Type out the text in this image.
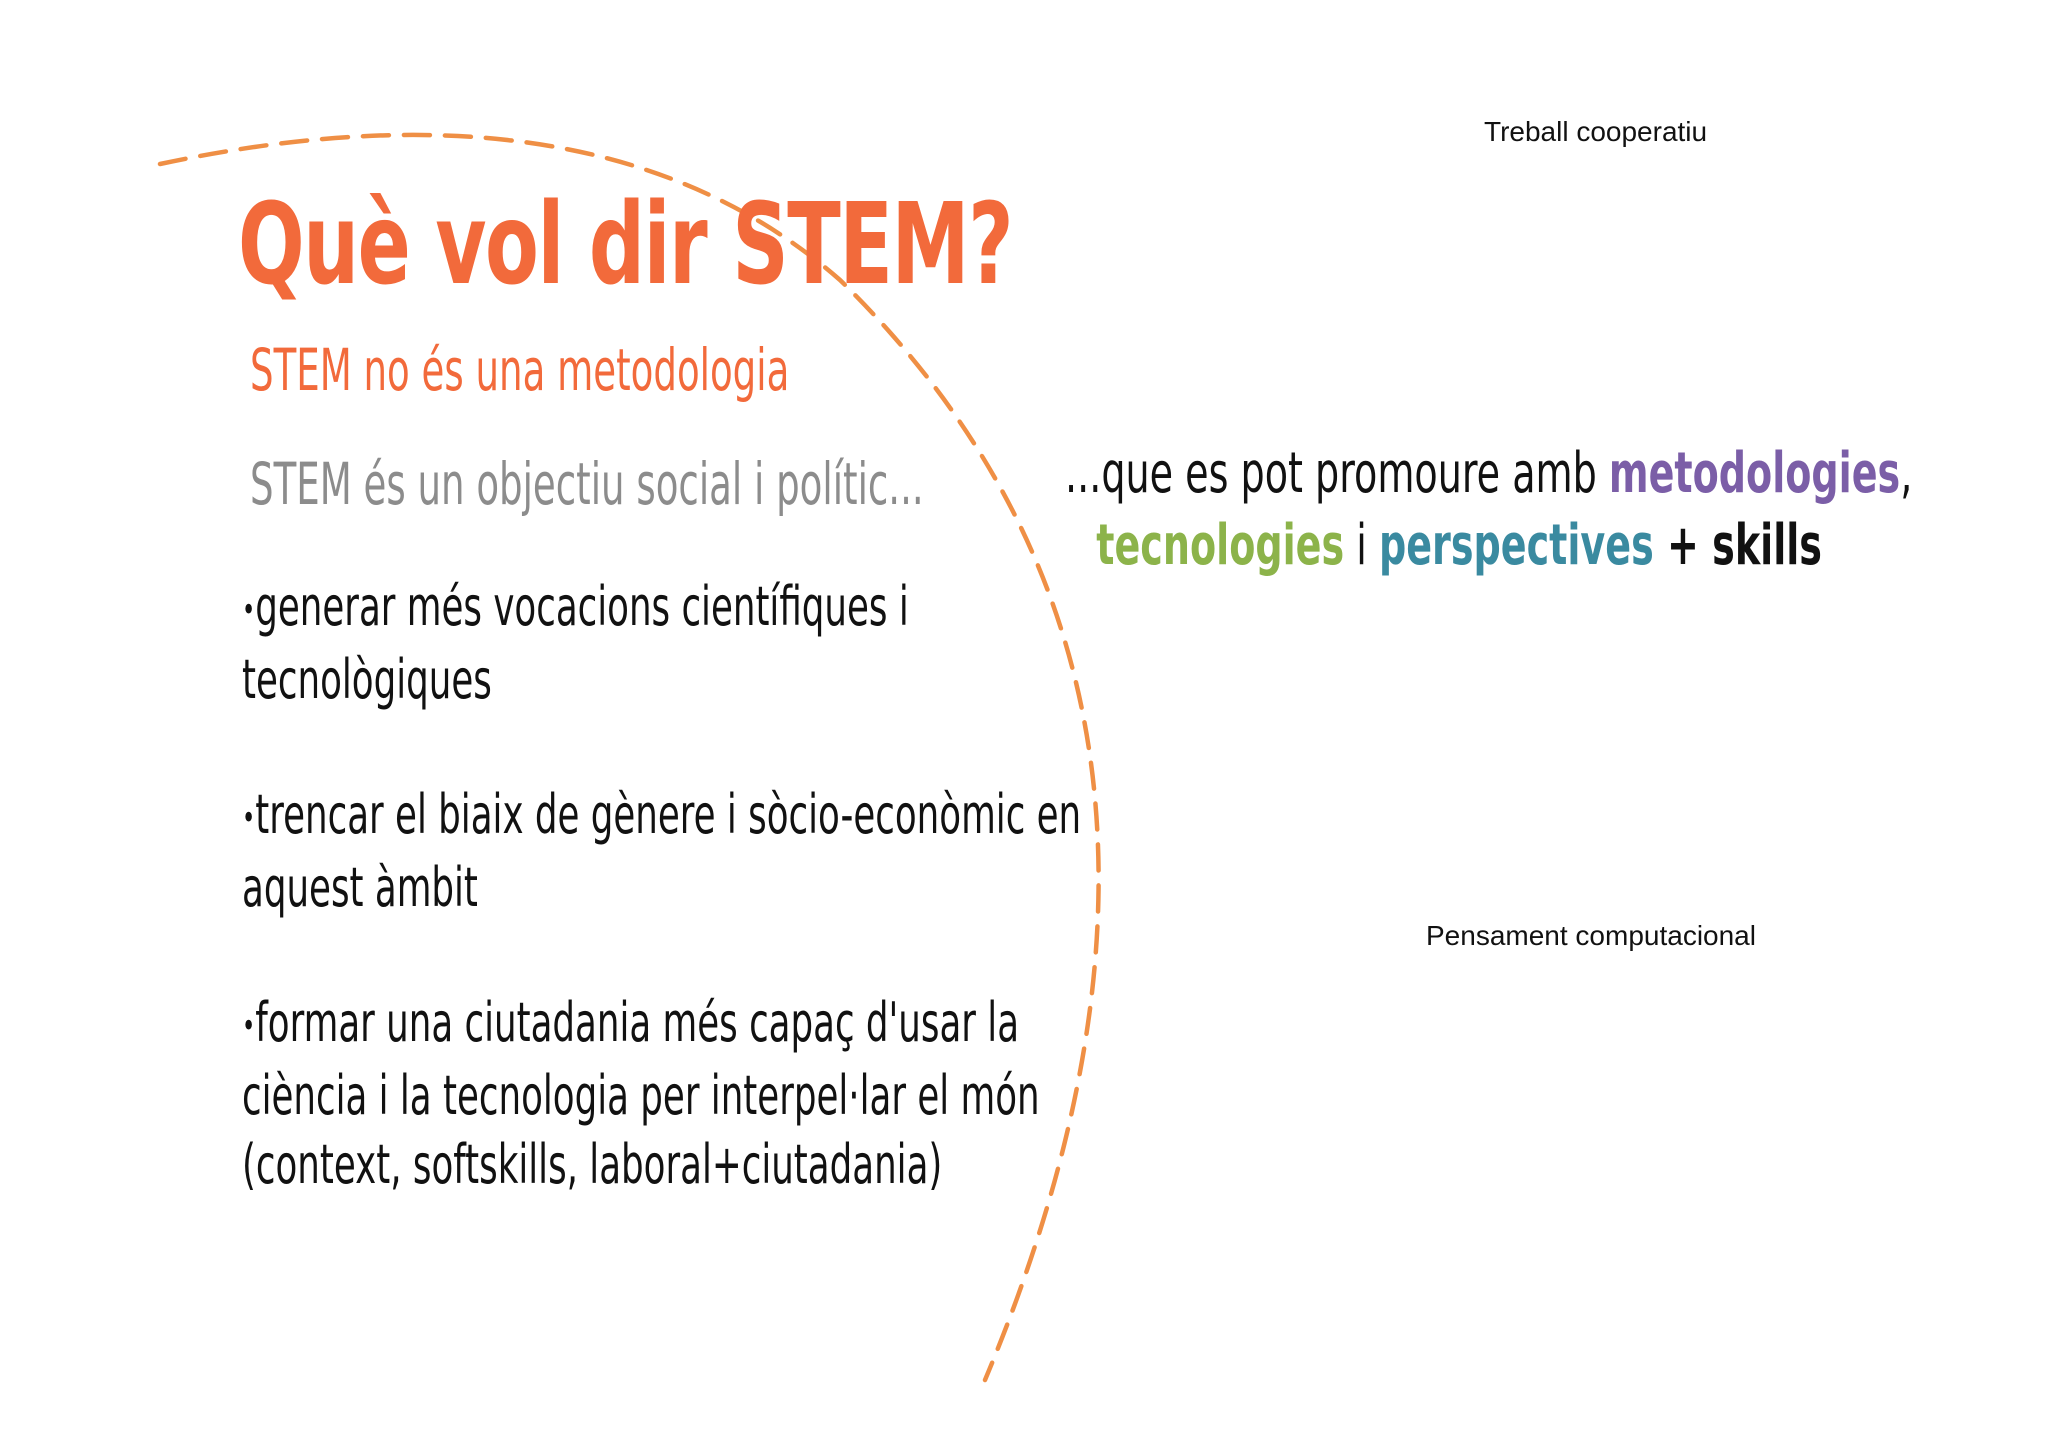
Què vol dir STEM?
STEM no és una metodologia
STEM és un objectiu social i polític...
•generar més vocacions científiques i
tecnològiques
•trencar el biaix de gènere i sòcio-econòmic en
aquest àmbit
•formar una ciutadania més capaç d'usar la
ciència i la tecnologia per interpel·lar el món
(context, softskills, laboral+ciutadania)
...que es pot promoure amb metodologies,
tecnologies i perspectives + skills
Treball cooperatiu
Pensament computacional
